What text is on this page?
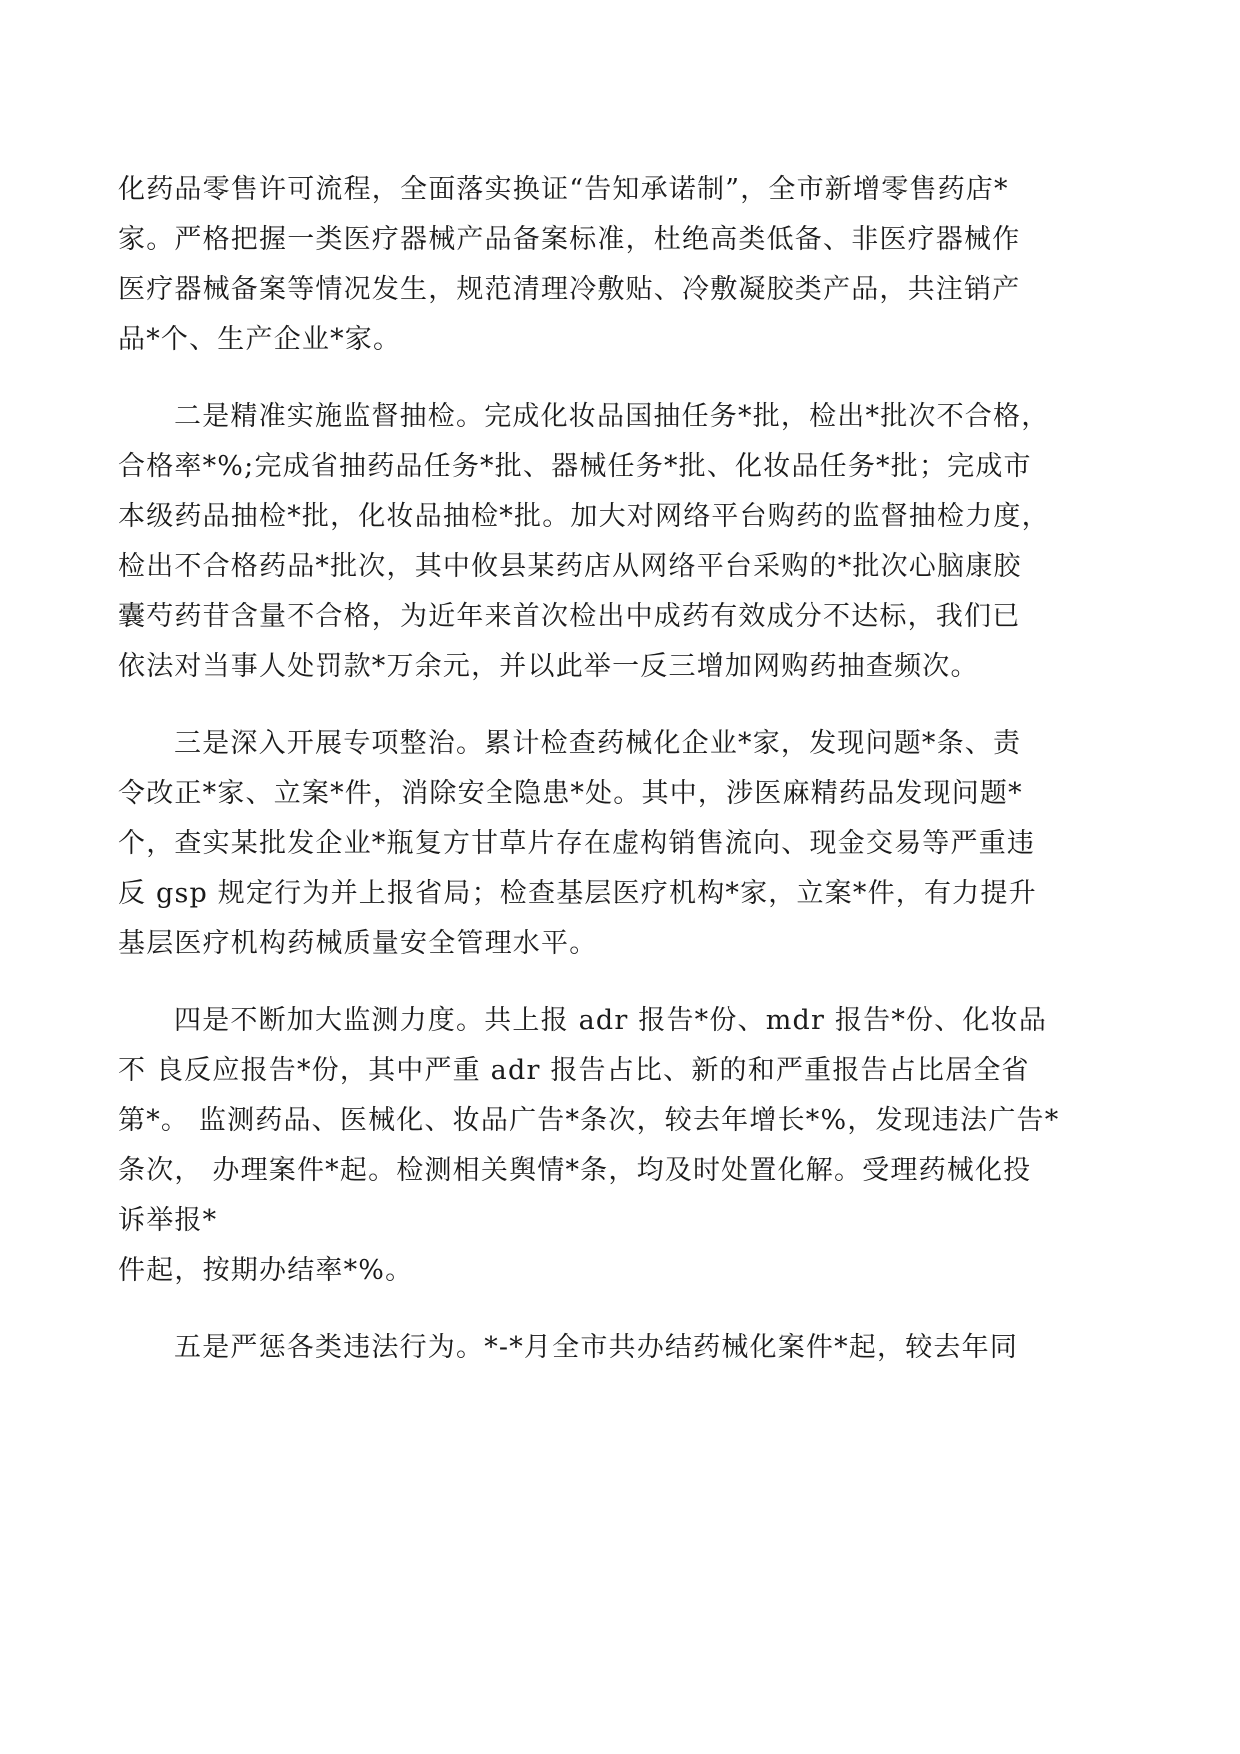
化药品零售许可流程，全面落实换证“告知承诺制”，全市新增零售药店*
家。严格把握一类医疗器械产品备案标准，杜绝高类低备、非医疗器械作
医疗器械备案等情况发生，规范清理冷敷贴、冷敷凝胶类产品，共注销产
品*个、生产企业*家。

二是精准实施监督抽检。完成化妆品国抽任务*批，检出*批次不合格，
合格率*%;完成省抽药品任务*批、器械任务*批、化妆品任务*批；完成市
本级药品抽检*批，化妆品抽检*批。加大对网络平台购药的监督抽检力度，
检出不合格药品*批次，其中攸县某药店从网络平台采购的*批次心脑康胶
囊芍药苷含量不合格，为近年来首次检出中成药有效成分不达标，我们已
依法对当事人处罚款*万余元，并以此举一反三增加网购药抽查频次。

三是深入开展专项整治。累计检查药械化企业*家，发现问题*条、责
令改正*家、立案*件，消除安全隐患*处。其中，涉医麻精药品发现问题*
个，查实某批发企业*瓶复方甘草片存在虚构销售流向、现金交易等严重违
反 gsp 规定行为并上报省局；检查基层医疗机构*家，立案*件，有力提升
基层医疗机构药械质量安全管理水平。

四是不断加大监测力度。共上报 adr 报告*份、mdr 报告*份、化妆品
不 良反应报告*份，其中严重 adr 报告占比、新的和严重报告占比居全省
第*。 监测药品、医械化、妆品广告*条次，较去年增长*%，发现违法广告*
条次， 办理案件*起。检测相关舆情*条，均及时处置化解。受理药械化投
诉举报*
件起，按期办结率*%。

五是严惩各类违法行为。*-*月全市共办结药械化案件*起，较去年同
